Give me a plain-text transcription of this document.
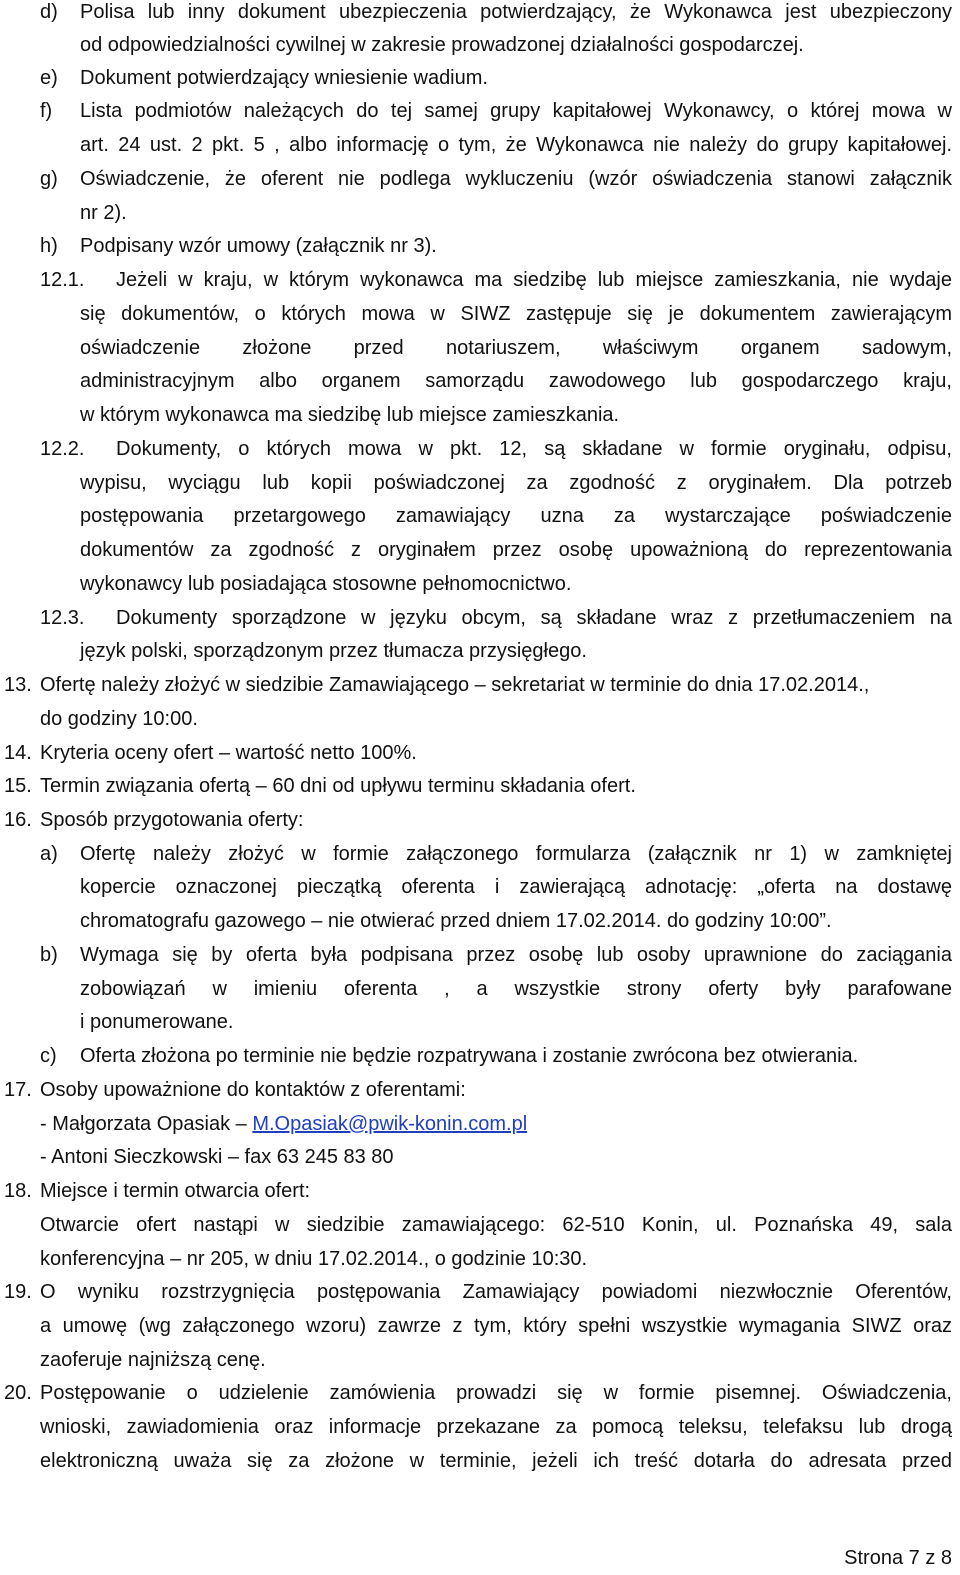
d) Polisa lub inny dokument ubezpieczenia potwierdzający, że Wykonawca jest ubezpieczony
od odpowiedzialności cywilnej w zakresie prowadzonej działalności gospodarczej.
e) Dokument potwierdzający wniesienie wadium.
f) Lista podmiotów należących do tej samej grupy kapitałowej Wykonawcy, o której mowa w
art. 24 ust. 2 pkt. 5 , albo informację o tym, że Wykonawca nie należy do grupy kapitałowej.
g) Oświadczenie, że oferent nie podlega wykluczeniu (wzór oświadczenia stanowi załącznik
nr 2).
h) Podpisany wzór umowy (załącznik nr 3).
12.1. Jeżeli w kraju, w którym wykonawca ma siedzibę lub miejsce zamieszkania, nie wydaje
się dokumentów, o których mowa w SIWZ zastępuje się je dokumentem zawierającym
oświadczenie złożone przed notariuszem, właściwym organem sadowym,
administracyjnym albo organem samorządu zawodowego lub gospodarczego kraju,
w którym wykonawca ma siedzibę lub miejsce zamieszkania.
12.2. Dokumenty, o których mowa w pkt. 12, są składane w formie oryginału, odpisu,
wypisu, wyciągu lub kopii poświadczonej za zgodność z oryginałem. Dla potrzeb
postępowania przetargowego zamawiający uzna za wystarczające poświadczenie
dokumentów za zgodność z oryginałem przez osobę upoważnioną do reprezentowania
wykonawcy lub posiadająca stosowne pełnomocnictwo.
12.3. Dokumenty sporządzone w języku obcym, są składane wraz z przetłumaczeniem na
język polski, sporządzonym przez tłumacza przysięgłego.
13. Ofertę należy złożyć w siedzibie Zamawiającego – sekretariat w terminie do dnia 17.02.2014.,
do godziny 10:00.
14. Kryteria oceny ofert – wartość netto 100%.
15. Termin związania ofertą – 60 dni od upływu terminu składania ofert.
16. Sposób przygotowania oferty:
a) Ofertę należy złożyć w formie załączonego formularza (załącznik nr 1) w zamkniętej
kopercie oznaczonej pieczątką oferenta i zawierającą adnotację: „oferta na dostawę
chromatografu gazowego – nie otwierać przed dniem 17.02.2014. do godziny 10:00”.
b) Wymaga się by oferta była podpisana przez osobę lub osoby uprawnione do zaciągania
zobowiązań w imieniu oferenta , a wszystkie strony oferty były parafowane
i ponumerowane.
c) Oferta złożona po terminie nie będzie rozpatrywana i zostanie zwrócona bez otwierania.
17. Osoby upoważnione do kontaktów z oferentami:
- Małgorzata Opasiak – M.Opasiak@pwik-konin.com.pl
- Antoni Sieczkowski – fax 63 245 83 80
18. Miejsce i termin otwarcia ofert:
Otwarcie ofert nastąpi w siedzibie zamawiającego: 62-510 Konin, ul. Poznańska 49, sala
konferencyjna – nr 205, w dniu 17.02.2014., o godzinie 10:30.
19. O wyniku rozstrzygnięcia postępowania Zamawiający powiadomi niezwłocznie Oferentów,
a umowę (wg załączonego wzoru) zawrze z tym, który spełni wszystkie wymagania SIWZ oraz
zaoferuje najniższą cenę.
20. Postępowanie o udzielenie zamówienia prowadzi się w formie pisemnej. Oświadczenia,
wnioski, zawiadomienia oraz informacje przekazane za pomocą teleksu, telefaksu lub drogą
elektroniczną uważa się za złożone w terminie, jeżeli ich treść dotarła do adresata przed
Strona 7 z 8
